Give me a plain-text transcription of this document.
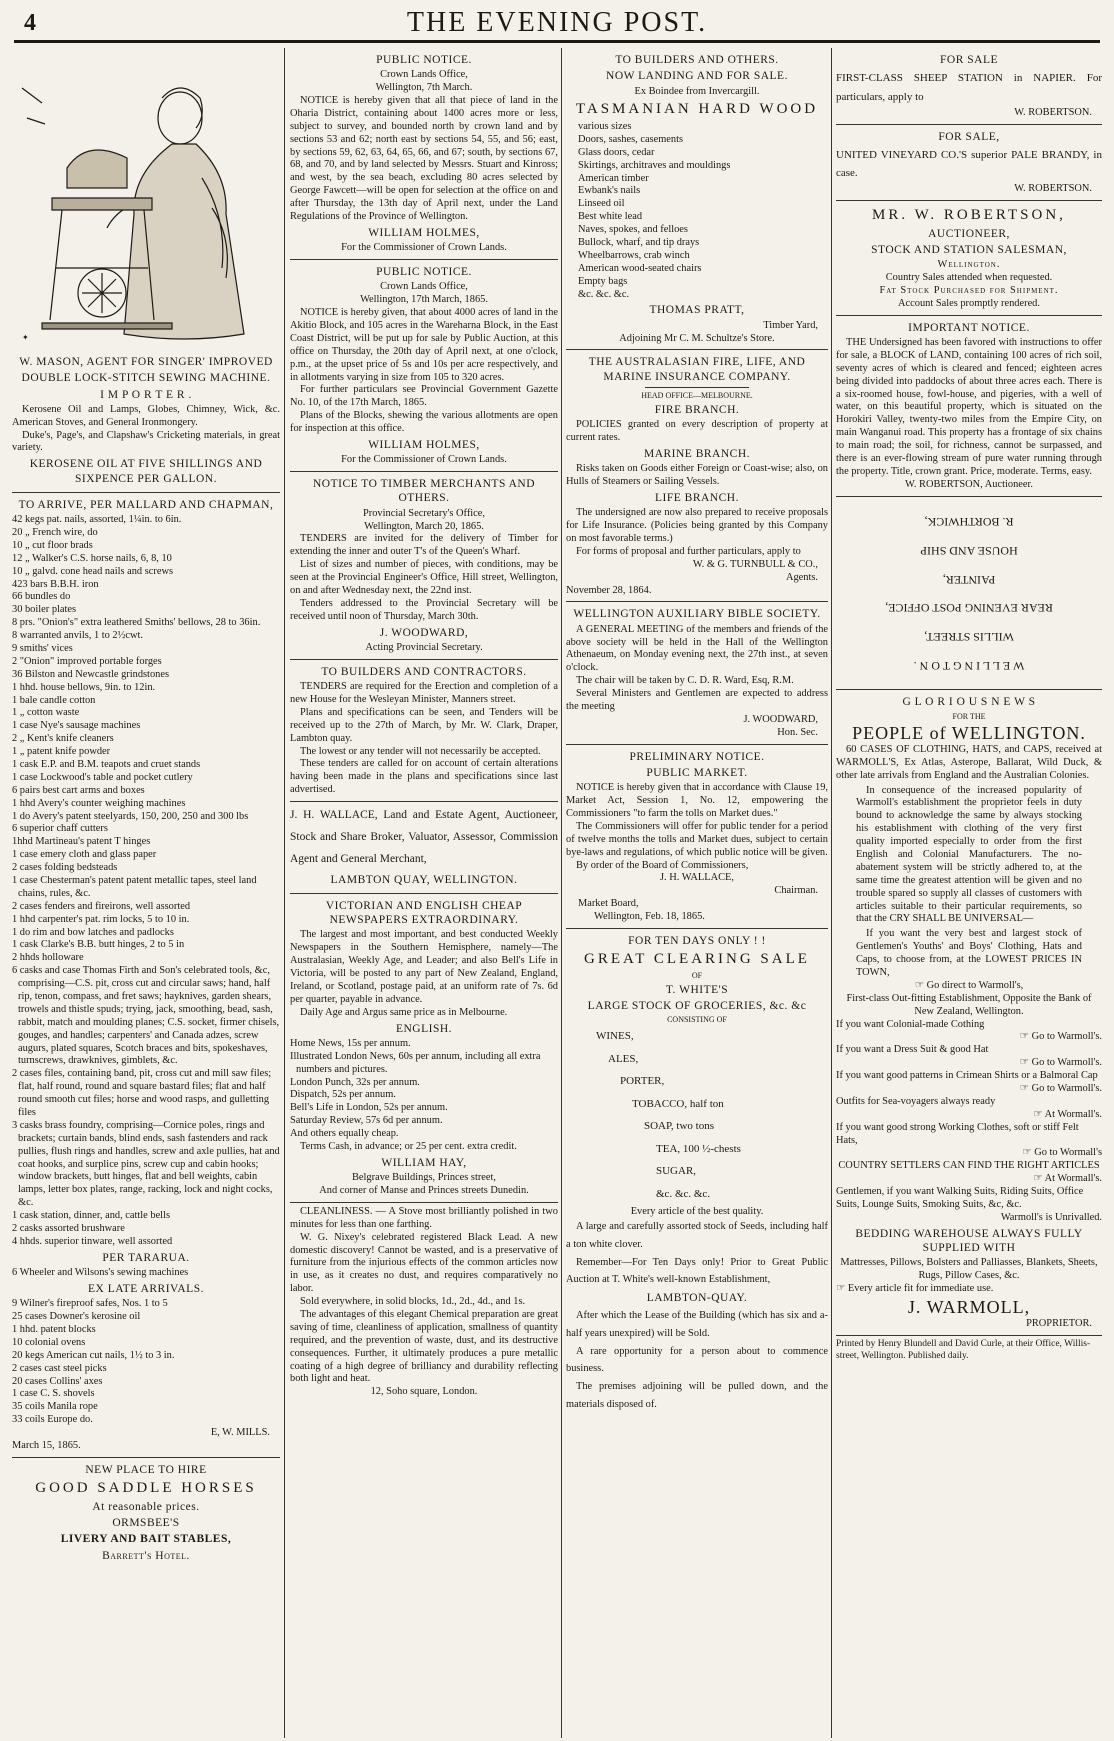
4	THE EVENING POST.
✦
W. MASON, AGENT FOR SINGER' IMPROVED
DOUBLE LOCK-STITCH SEWING MACHINE.
I M P O R T E R .

Kerosene Oil and Lamps, Globes, Chimney, Wick, &c. American Stoves, and General Ironmongery.

Duke's, Page's, and Clapshaw's Cricketing materials, in great variety.

KEROSENE OIL AT FIVE SHILLINGS AND SIXPENCE PER GALLON.
TO ARRIVE, PER MALLARD AND CHAPMAN,
42 kegs pat. nails, assorted, 1¼in. to 6in.
20 „ French wire, do
10 „ cut floor brads
12 „ Walker's C.S. horse nails, 6, 8, 10
10 „ galvd. cone head nails and screws
423 bars B.B.H. iron
66 bundles do
30 boiler plates
8 prs. "Onion's" extra leathered Smiths' bellows, 28 to 36in.
8 warranted anvils, 1 to 2½cwt.
9 smiths' vices
2 "Onion" improved portable forges
36 Bilston and Newcastle grindstones
1 hhd. house bellows, 9in. to 12in.
1 bale candle cotton
1 „ cotton waste
1 case Nye's sausage machines
2 „ Kent's knife cleaners
1 „ patent knife powder
1 cask E.P. and B.M. teapots and cruet stands
1 case Lockwood's table and pocket cutlery
6 pairs best cart arms and boxes
1 hhd Avery's counter weighing machines
1 do Avery's patent steelyards, 150, 200, 250 and 300 lbs
6 superior chaff cutters
1hhd Martineau's patent T hinges
1 case emery cloth and glass paper
2 cases folding bedsteads
1 case Chesterman's patent patent metallic tapes, steel land chains, rules, &c.
2 cases fenders and fireirons, well assorted
1 hhd carpenter's pat. rim locks, 5 to 10 in.
1 do rim and bow latches and padlocks
1 cask Clarke's B.B. butt hinges, 2 to 5 in
2 hhds holloware
6 casks and case Thomas Firth and Son's celebrated tools, &c, comprising—C.S. pit, cross cut and circular saws; hand, half rip, tenon, compass, and fret saws; hayknives, garden shears, trowels and thistle spuds; trying, jack, smoothing, bead, sash, rabbit, match and moulding planes; C.S. socket, firmer chisels, gouges, and handles; carpenters' and Canada adzes, screw augurs, plated squares, Scotch braces and bits, spokeshaves, turnscrews, drawknives, gimblets, &c.
2 cases files, containing band, pit, cross cut and mill saw files; flat, half round, round and square bastard files; flat and half round smooth cut files; horse and wood rasps, and gulletting files
3 casks brass foundry, comprising—Cornice poles, rings and brackets; curtain bands, blind ends, sash fastenders and rack pullies, flush rings and handles, screw and axle pullies, hat and coat hooks, and surplice pins, screw cup and cabin hooks; window brackets, butt hinges, flat and bell weights, cabin lamps, letter box plates, range, racking, lock and night cocks, &c.
1 cask station, dinner, and, cattle bells
2 casks assorted brushware
4 hhds. superior tinware, well assorted
PER TARARUA.
6 Wheeler and Wilsons's sewing machines
EX LATE ARRIVALS.
9 Wilner's fireproof safes, Nos. 1 to 5
25 cases Downer's kerosine oil
1 hhd. patent blocks
10 colonial ovens
20 kegs American cut nails, 1½ to 3 in.
2 cases cast steel picks
20 cases Collins' axes
1 case C. S. shovels
35 coils Manila rope
33 coils Europe do.
E, W. MILLS.
March 15, 1865.
NEW PLACE TO HIRE
GOOD SADDLE HORSES
At reasonable prices.
ORMSBEE'S
LIVERY AND BAIT STABLES,
Barrett's Hotel.
PUBLIC NOTICE.
Crown Lands Office,
Wellington, 7th March.

NOTICE is hereby given that all that piece of land in the Oharia District, containing about 1400 acres more or less, subject to survey, and bounded north by crown land and by sections 53 and 62; north east by sections 54, 55, and 56; east, by sections 59, 62, 63, 64, 65, 66, and 67; south, by sections 67, 68, and 70, and by land selected by Messrs. Stuart and Kinross; and west, by the sea beach, excluding 80 acres selected by George Fawcett—will be open for selection at the office on and after Thursday, the 13th day of April next, under the Land Regulations of the Province of Wellington.

WILLIAM HOLMES,
For the Commissioner of Crown Lands.
PUBLIC NOTICE.
Crown Lands Office,
Wellington, 17th March, 1865.

NOTICE is hereby given, that about 4000 acres of land in the Akitio Block, and 105 acres in the Wareharna Block, in the East Coast District, will be put up for sale by Public Auction, at this office on Thursday, the 20th day of April next, at one o'clock, p.m., at the upset price of 5s and 10s per acre respectively, and in allotments varying in size from 105 to 320 acres.

For further particulars see Provincial Government Gazette No. 10, of the 17th March, 1865.

Plans of the Blocks, shewing the various allotments are open for inspection at this office.

WILLIAM HOLMES,
For the Commissioner of Crown Lands.
NOTICE TO TIMBER MERCHANTS AND OTHERS.
Provincial Secretary's Office,
Wellington, March 20, 1865.

TENDERS are invited for the delivery of Timber for extending the inner and outer T's of the Queen's Wharf.

List of sizes and number of pieces, with conditions, may be seen at the Provincial Engineer's Office, Hill street, Wellington, on and after Wednesday next, the 22nd inst.

Tenders addressed to the Provincial Secretary will be received until noon of Thursday, March 30th.

J. WOODWARD,
Acting Provincial Secretary.
TO BUILDERS AND CONTRACTORS.

TENDERS are required for the Erection and completion of a new House for the Wesleyan Minister, Manners street.

Plans and specifications can be seen, and Tenders will be received up to the 27th of March, by Mr. W. Clark, Draper, Lambton quay.

The lowest or any tender will not necessarily be accepted.

These tenders are called for on account of certain alterations having been made in the plans and specifications since last advertised.

J. H. WALLACE, Land and Estate Agent, Auctioneer, Stock and Share Broker, Valuator, Assessor, Commission Agent and General Merchant,

LAMBTON QUAY, WELLINGTON.
VICTORIAN AND ENGLISH CHEAP NEWSPAPERS EXTRAORDINARY.

The largest and most important, and best conducted Weekly Newspapers in the Southern Hemisphere, namely—The Australasian, Weekly Age, and Leader; and also Bell's Life in Victoria, will be posted to any part of New Zealand, England, Ireland, or Scotland, postage paid, at an uniform rate of 7s. 6d per quarter, payable in advance.

Daily Age and Argus same price as in Melbourne.

ENGLISH.
Home News, 15s per annum.
Illustrated London News, 60s per annum, including all extra numbers and pictures.
London Punch, 32s per annum.
Dispatch, 52s per annum.
Bell's Life in London, 52s per annum.
Saturday Review, 57s 6d per annum.
And others equally cheap.

Terms Cash, in advance; or 25 per cent. extra credit.

WILLIAM HAY,
Belgrave Buildings, Princes street,
And corner of Manse and Princes streets Dunedin.

CLEANLINESS. — A Stove most brilliantly polished in two minutes for less than one farthing.

W. G. Nixey's celebrated registered Black Lead. A new domestic discovery! Cannot be wasted, and is a preservative of furniture from the injurious effects of the common articles now in use, as it creates no dust, and requires comparatively no labor.

Sold everywhere, in solid blocks, 1d., 2d., 4d., and 1s.

The advantages of this elegant Chemical preparation are great saving of time, cleanliness of application, smallness of quantity required, and the prevention of waste, dust, and its destructive consequences. Further, it ultimately produces a pure metallic coating of a high degree of brilliancy and durability reflecting both light and heat.

12, Soho square, London.
TO BUILDERS AND OTHERS.
NOW LANDING AND FOR SALE.
Ex Boindee from Invercargill.
TASMANIAN HARD WOOD
various sizes
Doors, sashes, casements
Glass doors, cedar
Skirtings, architraves and mouldings
American timber
Ewbank's nails
Linseed oil
Best white lead
Naves, spokes, and felloes
Bullock, wharf, and tip drays
Wheelbarrows, crab winch
American wood-seated chairs
Empty bags
&c. &c. &c.
THOMAS PRATT,
Timber Yard,
Adjoining Mr C. M. Schultze's Store.
THE AUSTRALASIAN FIRE, LIFE, AND MARINE INSURANCE COMPANY.
HEAD OFFICE—MELBOURNE.
FIRE BRANCH.

POLICIES granted on every description of property at current rates.

MARINE BRANCH.

Risks taken on Goods either Foreign or Coast-wise; also, on Hulls of Steamers or Sailing Vessels.

LIFE BRANCH.

The undersigned are now also prepared to receive proposals for Life Insurance. (Policies being granted by this Company on most favorable terms.)

For forms of proposal and further particulars, apply to

W. & G. TURNBULL & CO.,
Agents.
November 28, 1864.
WELLINGTON AUXILIARY BIBLE SOCIETY.

A GENERAL MEETING of the members and friends of the above society will be held in the Hall of the Wellington Athenaeum, on Monday evening next, the 27th inst., at seven o'clock.

The chair will be taken by C. D. R. Ward, Esq, R.M.

Several Ministers and Gentlemen are expected to address the meeting

J. WOODWARD,
Hon. Sec.
PRELIMINARY NOTICE.
PUBLIC MARKET.

NOTICE is hereby given that in accordance with Clause 19, Market Act, Session 1, No. 12, empowering the Commissioners "to farm the tolls on Market dues."

The Commissioners will offer for public tender for a period of twelve months the tolls and Market dues, subject to certain bye-laws and regulations, of which public notice will be given.

By order of the Board of Commissioners,

J. H. WALLACE,
Chairman.
Market Board,
Wellington, Feb. 18, 1865.
FOR TEN DAYS ONLY ! !
GREAT CLEARING SALE
OF
T. WHITE'S
LARGE STOCK OF GROCERIES, &c. &c
CONSISTING OF
WINES,
ALES,
PORTER,
TOBACCO, half ton
SOAP, two tons
TEA, 100 ½-chests
SUGAR,
&c. &c. &c.
Every article of the best quality.

A large and carefully assorted stock of Seeds, including half a ton white clover.

Remember—For Ten Days only! Prior to Great Public Auction at T. White's well-known Establishment,

LAMBTON-QUAY.

After which the Lease of the Building (which has six and a-half years unexpired) will be Sold.

A rare opportunity for a person about to commence business.

The premises adjoining will be pulled down, and the materials disposed of.

FOR SALE

FIRST-CLASS SHEEP STATION in NAPIER. For particulars, apply to

W. ROBERTSON.
FOR SALE,

UNITED VINEYARD CO.'S superior PALE BRANDY, in case.

W. ROBERTSON.
MR. W. ROBERTSON,
AUCTIONEER,
STOCK AND STATION SALESMAN,
Wellington.
Country Sales attended when requested.
Fat Stock Purchased for Shipment.
Account Sales promptly rendered.
IMPORTANT NOTICE.

THE Undersigned has been favored with instructions to offer for sale, a BLOCK of LAND, containing 100 acres of rich soil, seventy acres of which is cleared and fenced; eighteen acres being divided into paddocks of about three acres each. There is a six-roomed house, fowl-house, and pigeries, with a well of water, on this beautiful property, which is situated on the Horokiri Valley, twenty-two miles from the Empire City, on main Wanganui road. This property has a frontage of six chains to main road; the soil, for richness, cannot be surpassed, and there is an ever-flowing stream of pure water running through the property. Title, crown grant. Price, moderate. Terms, easy.

W. ROBERTSON, Auctioneer.
W E L L I N G T O N .
WILLIS STREET,
REAR EVENING POST OFFICE,
PAINTER,
HOUSE AND SHIP
R. BORTHWICK,
G L O R I O U S N E W S
FOR THE
PEOPLE of WELLINGTON.

60 CASES OF CLOTHING, HATS, and CAPS, received at WARMOLL'S, Ex Atlas, Asterope, Ballarat, Wild Duck, & other late arrivals from England and the Australian Colonies.

In consequence of the increased popularity of Warmoll's establishment the proprietor feels in duty bound to acknowledge the same by always stocking his establishment with clothing of the very first quality imported especially to order from the first English and Colonial Manufacturers. The no-abatement system will be strictly adhered to, at the same time the greatest attention will be given and no trouble spared so supply all classes of customers with articles suitable to their particular requirements, so that the CRY SHALL BE UNIVERSAL—

If you want the very best and largest stock of Gentlemen's Youths' and Boys' Clothing, Hats and Caps, to choose from, at the LOWEST PRICES IN TOWN,

☞ Go direct to Warmoll's,
First-class Out-fitting Establishment, Opposite the Bank of New Zealand, Wellington.
If you want Colonial-made Cothing
☞ Go to Warmoll's.
If you want a Dress Suit & good Hat
☞ Go to Warmoll's.
If you want good patterns in Crimean Shirts or a Balmoral Cap
☞ Go to Warmoll's.
Outfits for Sea-voyagers always ready
☞ At Wormall's.
If you want good strong Working Clothes, soft or stiff Felt Hats,
☞ Go to Wormall's
COUNTRY SETTLERS CAN FIND THE RIGHT ARTICLES
☞ At Wormall's.
Gentlemen, if you want Walking Suits, Riding Suits, Office Suits, Lounge Suits, Smoking Suits, &c, &c.
Warmoll's is Unrivalled.
BEDDING WAREHOUSE ALWAYS FULLY SUPPLIED WITH
Mattresses, Pillows, Bolsters and Palliasses, Blankets, Sheets, Rugs, Pillow Cases, &c.
☞ Every article fit for immediate use.
J. WARMOLL,
PROPRIETOR.
Printed by Henry Blundell and David Curle, at their Office, Willis-street, Wellington. Published daily.
